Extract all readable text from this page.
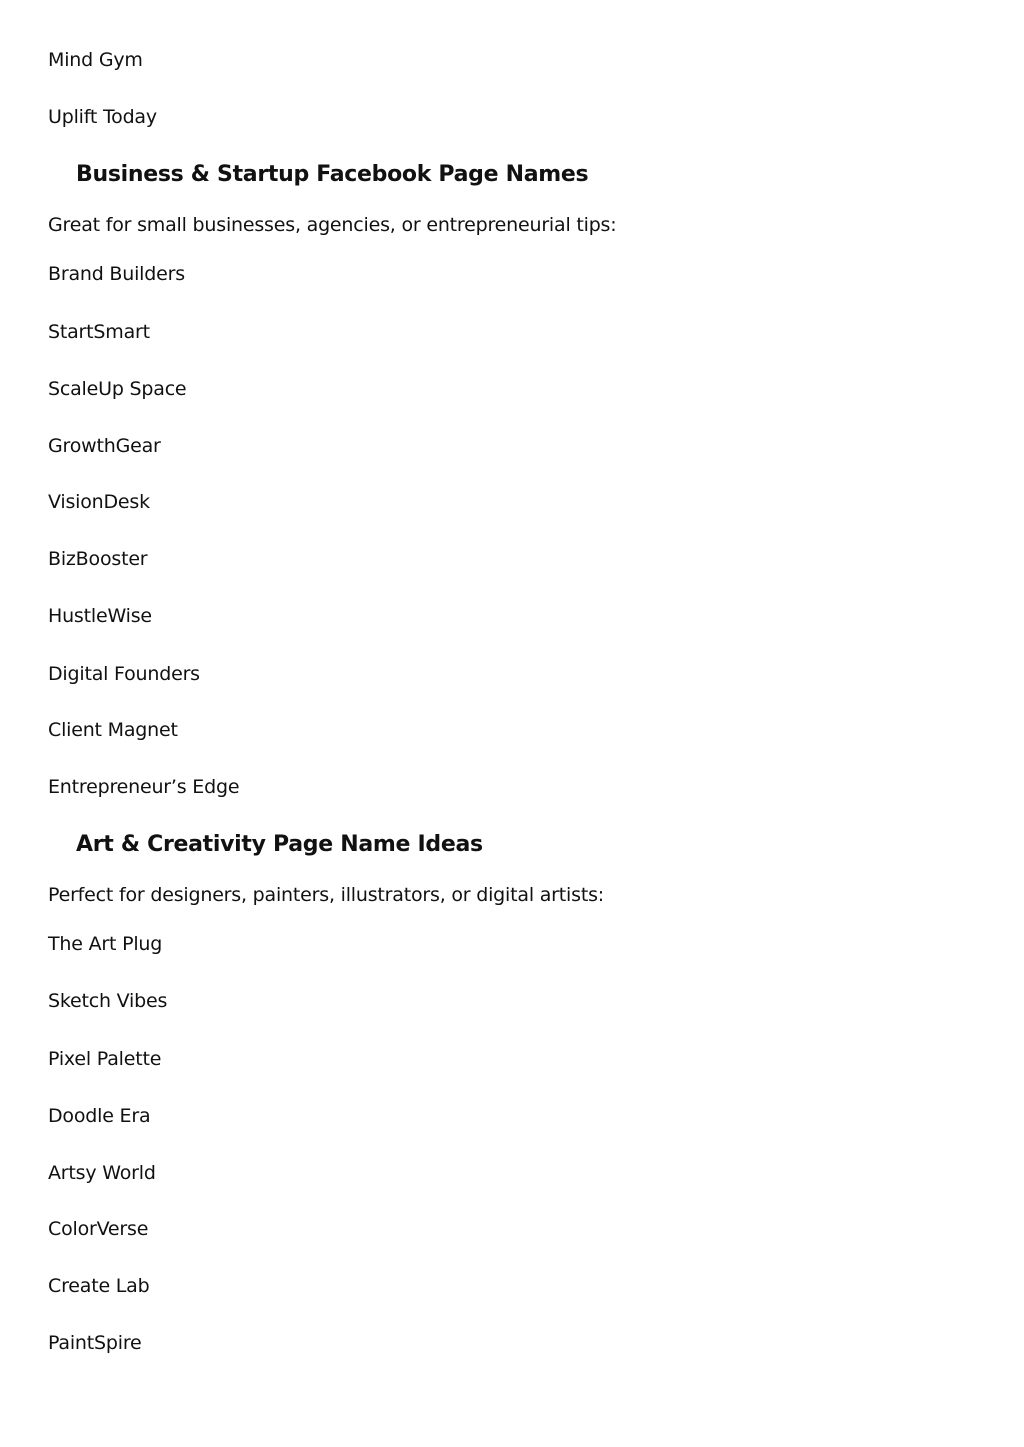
Mind Gym
Uplift Today
Business & Startup Facebook Page Names
Great for small businesses, agencies, or entrepreneurial tips:
Brand Builders
StartSmart
ScaleUp Space
GrowthGear
VisionDesk
BizBooster
HustleWise
Digital Founders
Client Magnet
Entrepreneur’s Edge
Art & Creativity Page Name Ideas
Perfect for designers, painters, illustrators, or digital artists:
The Art Plug
Sketch Vibes
Pixel Palette
Doodle Era
Artsy World
ColorVerse
Create Lab
PaintSpire
